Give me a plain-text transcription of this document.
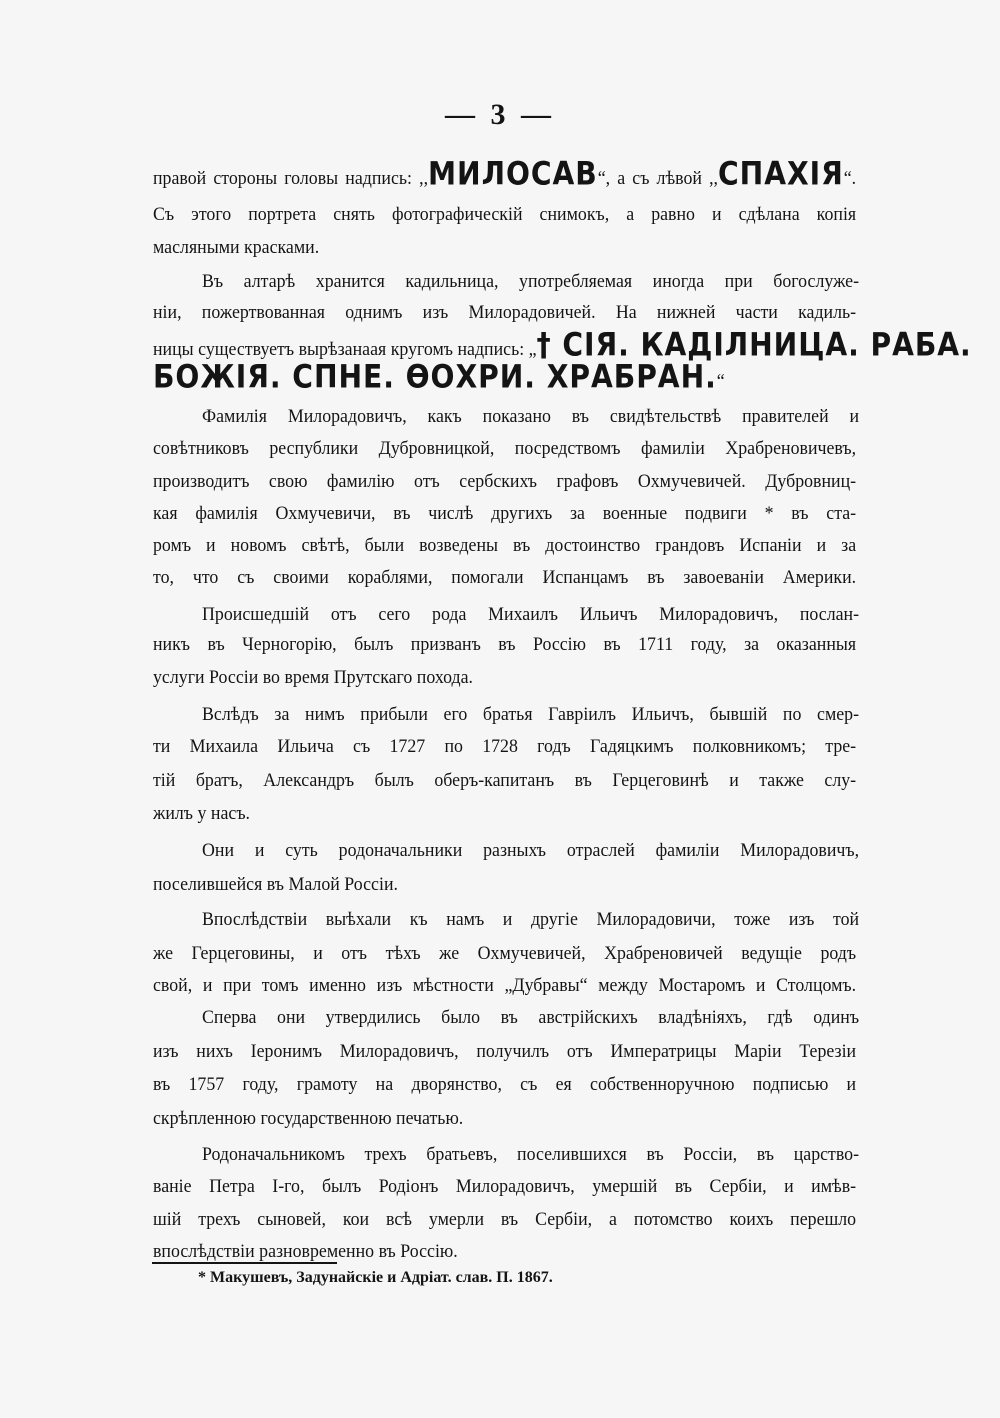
— 3 —
правой стороны головы надпись: ,,МИЛОСАВ“, а съ лѣвой ,,СПАХІЯ“.
Съ этого портрета снять фотографическій снимокъ, а равно и сдѣлана копія
масляными красками.
Въ алтарѣ хранится кадильница, употребляемая иногда при богослуже-
ніи, пожертвованная однимъ изъ Милорадовичей. На нижней части кадиль-
ницы существуетъ вырѣзанаая кругомъ надпись: „† СІЯ. КАДІЛНИЦА. РАБА.
БОЖІЯ. СПНЕ. ѲОХРИ. ХРАБРАН.“
Фамилія Милорадовичъ, какъ показано въ свидѣтельствѣ правителей и
совѣтниковъ республики Дубровницкой, посредствомъ фамиліи Храбреновичевъ,
производитъ свою фамилію отъ сербскихъ графовъ Охмучевичей. Дубровниц-
кая фамилія Охмучевичи, въ числѣ другихъ за военные подвиги * въ ста-
ромъ и новомъ свѣтѣ, были возведены въ достоинство грандовъ Испаніи и за
то, что съ своими кораблями, помогали Испанцамъ въ завоеваніи Америки.
Происшедшій отъ сего рода Михаилъ Ильичъ Милорадовичъ, послан-
никъ въ Черногорію, былъ призванъ въ Россію въ 1711 году, за оказанныя
услуги Россіи во время Прутскаго похода.
Вслѣдъ за нимъ прибыли его братья Гавріилъ Ильичъ, бывшій по смер-
ти Михаила Ильича съ 1727 по 1728 годъ Гадяцкимъ полковникомъ; тре-
тій братъ, Александръ былъ оберъ-капитанъ въ Герцеговинѣ и также слу-
жилъ у насъ.
Они и суть родоначальники разныхъ отраслей фамиліи Милорадовичъ,
поселившейся въ Малой Россіи.
Впослѣдствіи выѣхали къ намъ и другіе Милорадовичи, тоже изъ той
же Герцеговины, и отъ тѣхъ же Охмучевичей, Храбреновичей ведущіе родъ
свой, и при томъ именно изъ мѣстности „Дубравы“ между Мостаромъ и Столцомъ.
Сперва они утвердились было въ австрійскихъ владѣніяхъ, гдѣ одинъ
изъ нихъ Іеронимъ Милорадовичъ, получилъ отъ Императрицы Маріи Терезіи
въ 1757 году, грамоту на дворянство, съ ея собственноручною подписью и
скрѣпленною государственною печатью.
Родоначальникомъ трехъ братьевъ, поселившихся въ Россіи, въ царство-
ваніе Петра І-го, былъ Родіонъ Милорадовичъ, умершій въ Сербіи, и имѣв-
шій трехъ сыновей, кои всѣ умерли въ Сербіи, а потомство коихъ перешло
впослѣдствіи разновременно въ Россію.
* Макушевъ, Задунайскіе и Адріат. слав. П. 1867.
